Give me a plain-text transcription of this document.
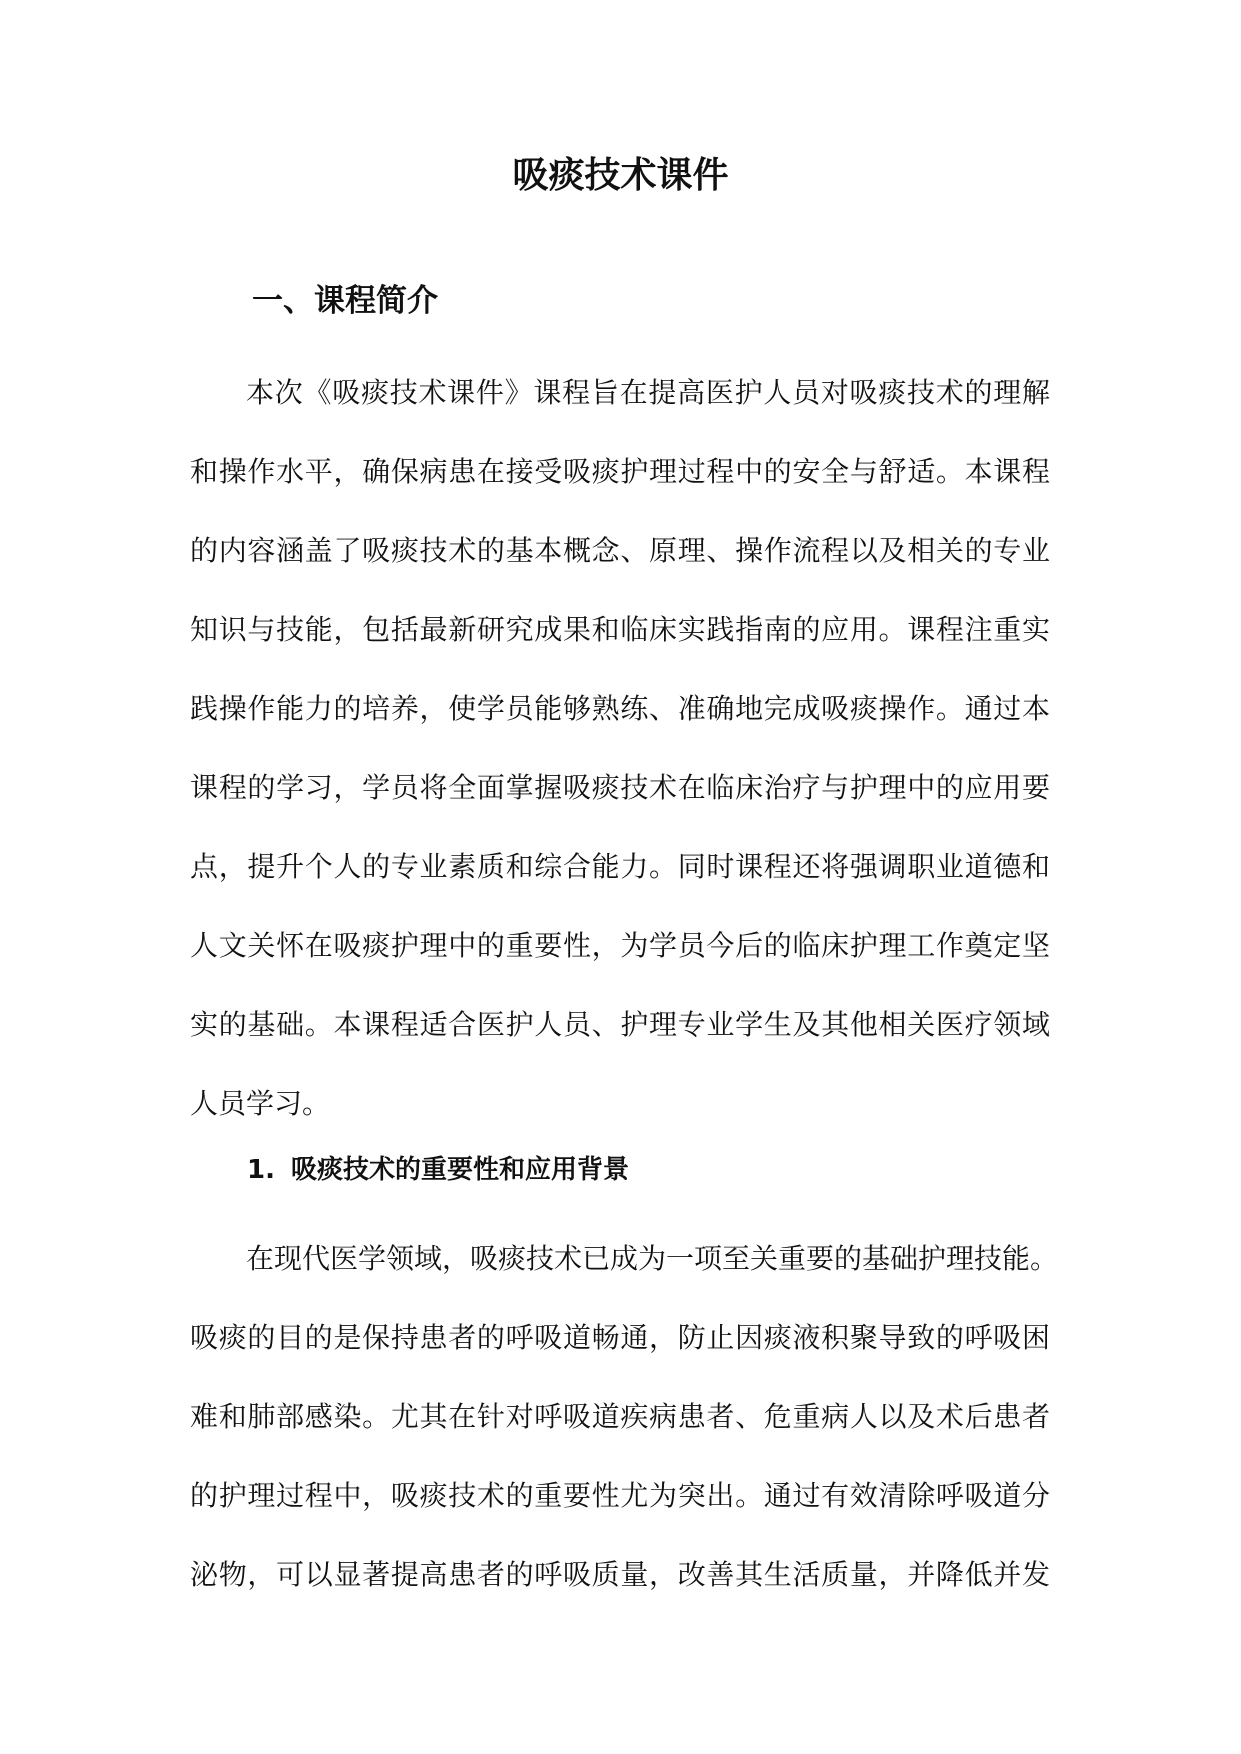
吸痰技术课件
一、课程简介
本次《吸痰技术课件》课程旨在提高医护人员对吸痰技术的理解
和操作水平，确保病患在接受吸痰护理过程中的安全与舒适。本课程
的内容涵盖了吸痰技术的基本概念、原理、操作流程以及相关的专业
知识与技能，包括最新研究成果和临床实践指南的应用。课程注重实
践操作能力的培养，使学员能够熟练、准确地完成吸痰操作。通过本
课程的学习，学员将全面掌握吸痰技术在临床治疗与护理中的应用要
点，提升个人的专业素质和综合能力。同时课程还将强调职业道德和
人文关怀在吸痰护理中的重要性，为学员今后的临床护理工作奠定坚
实的基础。本课程适合医护人员、护理专业学生及其他相关医疗领域
人员学习。
1. 吸痰技术的重要性和应用背景
在现代医学领域，吸痰技术已成为一项至关重要的基础护理技能。
吸痰的目的是保持患者的呼吸道畅通，防止因痰液积聚导致的呼吸困
难和肺部感染。尤其在针对呼吸道疾病患者、危重病人以及术后患者
的护理过程中，吸痰技术的重要性尤为突出。通过有效清除呼吸道分
泌物，可以显著提高患者的呼吸质量，改善其生活质量，并降低并发
